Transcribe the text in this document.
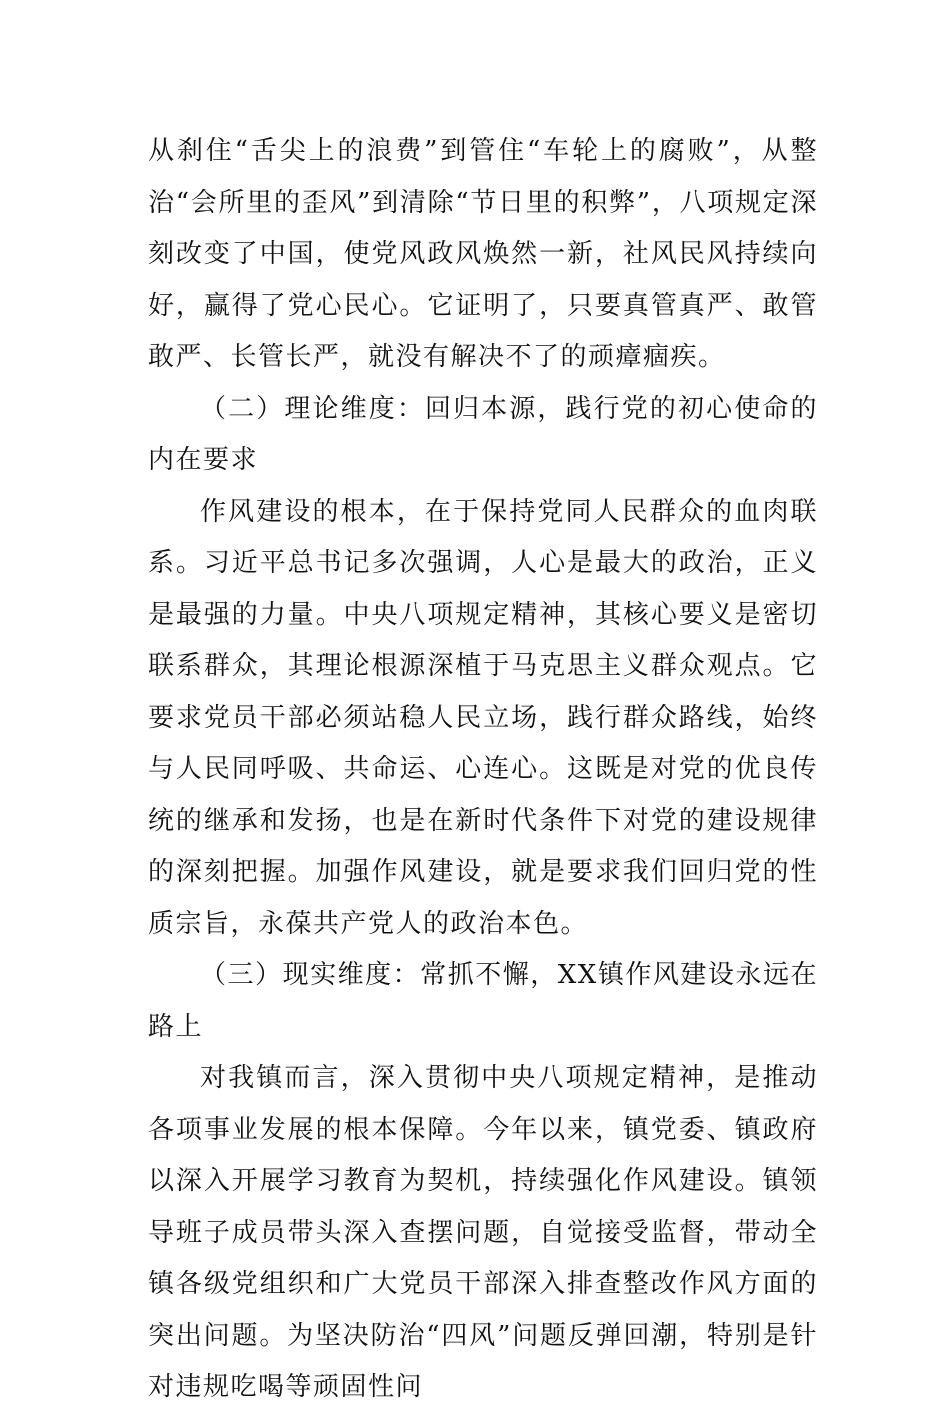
从刹住“舌尖上的浪费”到管住“车轮上的腐败”，从整治“会所里的歪风”到清除“节日里的积弊”，八项规定深刻改变了中国，使党风政风焕然一新，社风民风持续向好，赢得了党心民心。它证明了，只要真管真严、敢管敢严、长管长严，就没有解决不了的顽瘴痼疾。

（二）理论维度：回归本源，践行党的初心使命的内在要求

作风建设的根本，在于保持党同人民群众的血肉联系。习近平总书记多次强调，人心是最大的政治，正义是最强的力量。中央八项规定精神，其核心要义是密切联系群众，其理论根源深植于马克思主义群众观点。它要求党员干部必须站稳人民立场，践行群众路线，始终与人民同呼吸、共命运、心连心。这既是对党的优良传统的继承和发扬，也是在新时代条件下对党的建设规律的深刻把握。加强作风建设，就是要求我们回归党的性质宗旨，永葆共产党人的政治本色。

（三）现实维度：常抓不懈，XX镇作风建设永远在路上

对我镇而言，深入贯彻中央八项规定精神，是推动各项事业发展的根本保障。今年以来，镇党委、镇政府以深入开展学习教育为契机，持续强化作风建设。镇领导班子成员带头深入查摆问题，自觉接受监督，带动全镇各级党组织和广大党员干部深入排查整改作风方面的突出问题。为坚决防治“四风”问题反弹回潮，特别是针对违规吃喝等顽固性问
